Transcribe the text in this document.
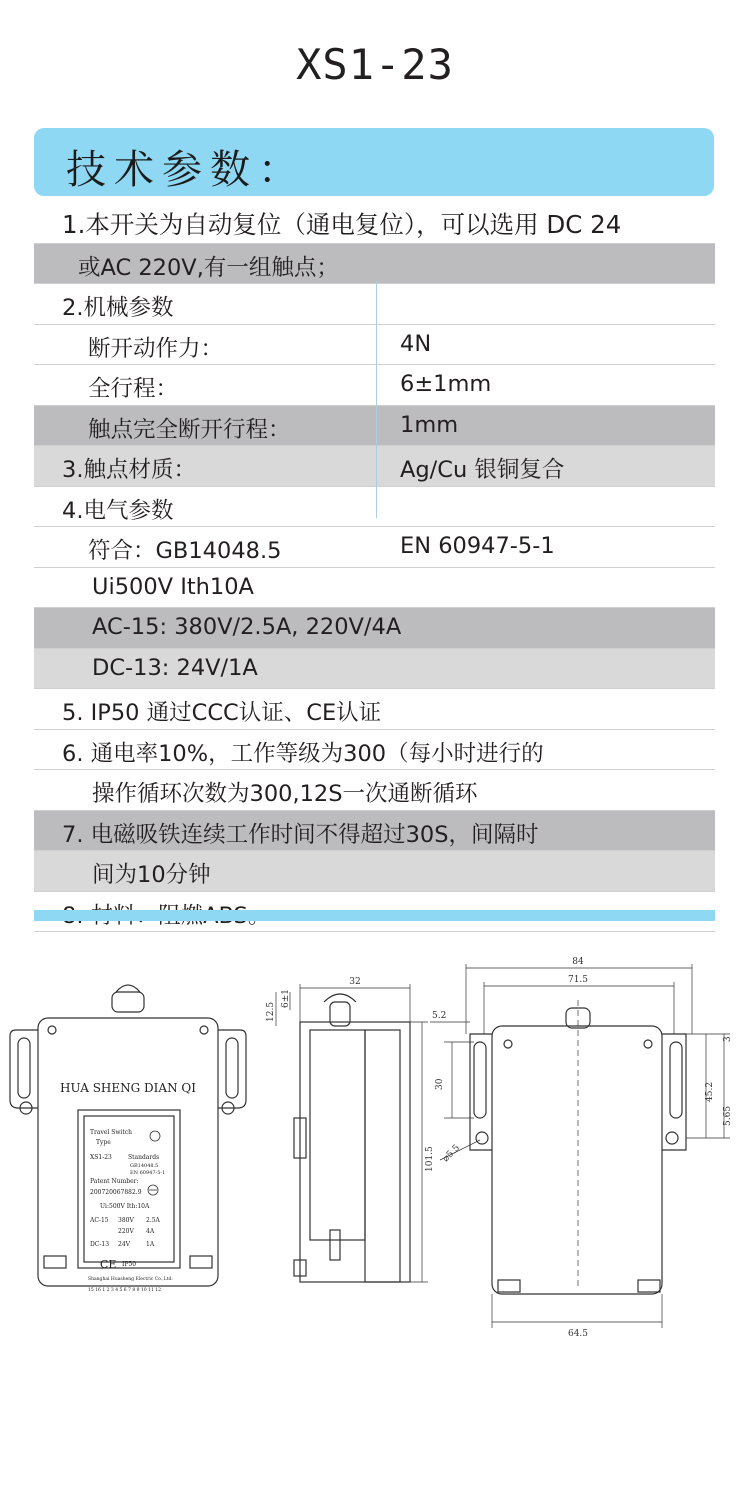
XS1-23
技术参数：
1.本开关为自动复位（通电复位），可以选用 DC 24
或AC 220V,有一组触点；
2.机械参数
断开动作力：	4N
全行程：	6±1mm
触点完全断开行程：	1mm
3.触点材质：	Ag/Cu 银铜复合
4.电气参数
符合：GB14048.5	EN 60947-5-1
Ui500V Ith10A
AC-15: 380V/2.5A, 220V/4A
DC-13: 24V/1A
5. IP50 通过CCC认证、CE认证
6. 通电率10%，工作等级为300（每小时进行的
操作循环次数为300,12S一次通断循环
7. 电磁吸铁连续工作时间不得超过30S，间隔时
间为10分钟
HUA SHENG DIAN QI
Travel Switch
Type
XS1-23	Standards
GB14048.5
EN 60947-5-1
Patent Number:
200720067882.9
Ui:500V Ith:10A
AC-15 380V 2.5A
220V 4A
DC-13 24V	1A
IP50
Shanghai Huasheng Electric Co.,Ltd.
15 16 1 2 3 4 5 6 7 8 9 10 11 12
CE
32
6±1
12.5
101.5
84
71.5
5.2
30
⌀5.5
45.2
3
5.65
64.5
